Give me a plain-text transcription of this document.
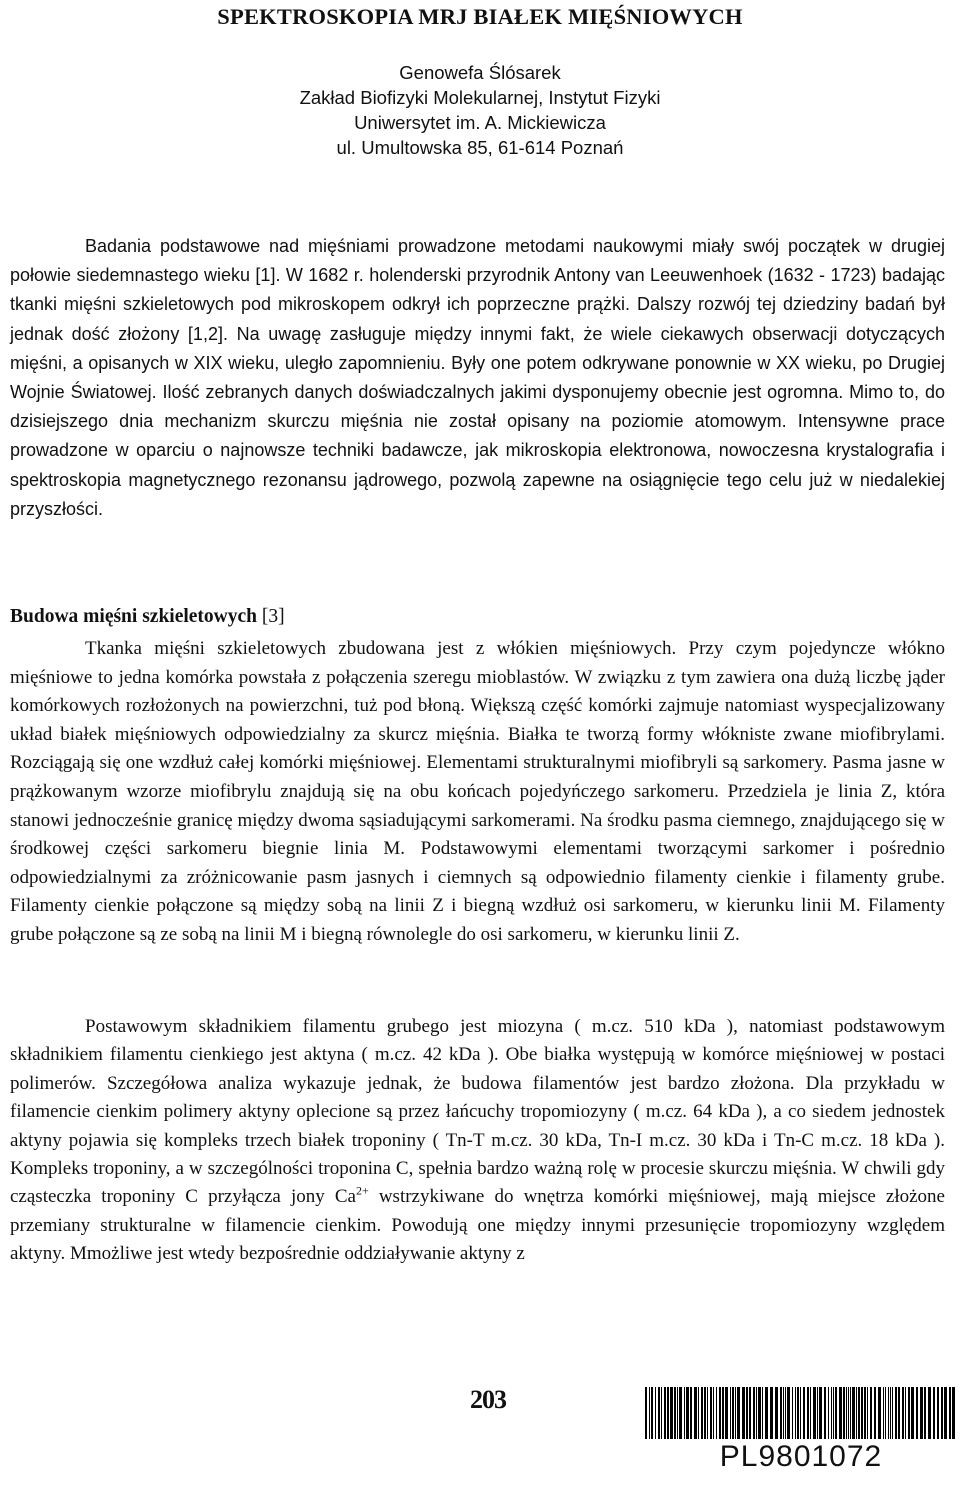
SPEKTROSKOPIA MRJ BIAŁEK MIĘŚNIOWYCH
Genowefa Ślósarek
Zakład Biofizyki Molekularnej, Instytut Fizyki
Uniwersytet im. A. Mickiewicza
ul. Umultowska 85, 61-614 Poznań

Badania podstawowe nad mięśniami prowadzone metodami naukowymi miały swój początek w drugiej połowie siedemnastego wieku [1]. W 1682 r. holenderski przyrodnik Antony van Leeuwenhoek (1632 - 1723) badając tkanki mięśni szkieletowych pod mikroskopem odkrył ich poprzeczne prążki. Dalszy rozwój tej dziedziny badań był jednak dość złożony [1,2]. Na uwagę zasługuje między innymi fakt, że wiele ciekawych obserwacji dotyczących mięśni, a opisanych w XIX wieku, uległo zapomnieniu. Były one potem odkrywane ponownie w XX wieku, po Drugiej Wojnie Światowej. Ilość zebranych danych doświadczalnych jakimi dysponujemy obecnie jest ogromna. Mimo to, do dzisiejszego dnia mechanizm skurczu mięśnia nie został opisany na poziomie atomowym. Intensywne prace prowadzone w oparciu o najnowsze techniki badawcze, jak mikroskopia elektronowa, nowoczesna krystalografia i spektroskopia magnetycznego rezonansu jądrowego, pozwolą zapewne na osiągnięcie tego celu już w niedalekiej przyszłości.

Budowa mięśni szkieletowych [3]

Tkanka mięśni szkieletowych zbudowana jest z włókien mięśniowych. Przy czym pojedyncze włókno mięśniowe to jedna komórka powstała z połączenia szeregu mioblastów. W związku z tym zawiera ona dużą liczbę jąder komórkowych rozłożonych na powierzchni, tuż pod błoną. Większą część komórki zajmuje natomiast wyspecjalizowany układ białek mięśniowych odpowiedzialny za skurcz mięśnia. Białka te tworzą formy włókniste zwane miofibrylami. Rozciągają się one wzdłuż całej komórki mięśniowej. Elementami strukturalnymi miofibryli są sarkomery. Pasma jasne w prążkowanym wzorze miofibrylu znajdują się na obu końcach pojedyńczego sarkomeru. Przedziela je linia Z, która stanowi jednocześnie granicę między dwoma sąsiadującymi sarkomerami. Na środku pasma ciemnego, znajdującego się w środkowej części sarkomeru biegnie linia M. Podstawowymi elementami tworzącymi sarkomer i pośrednio odpowiedzialnymi za zróżnicowanie pasm jasnych i ciemnych są odpowiednio filamenty cienkie i filamenty grube. Filamenty cienkie połączone są między sobą na linii Z i biegną wzdłuż osi sarkomeru, w kierunku linii M. Filamenty grube połączone są ze sobą na linii M i biegną równolegle do osi sarkomeru, w kierunku linii Z.

Postawowym składnikiem filamentu grubego jest miozyna ( m.cz. 510 kDa ), natomiast podstawowym składnikiem filamentu cienkiego jest aktyna ( m.cz. 42 kDa ). Obe białka występują w komórce mięśniowej w postaci polimerów. Szczegółowa analiza wykazuje jednak, że budowa filamentów jest bardzo złożona. Dla przykładu w filamencie cienkim polimery aktyny oplecione są przez łańcuchy tropomiozyny ( m.cz. 64 kDa ), a co siedem jednostek aktyny pojawia się kompleks trzech białek troponiny ( Tn-T m.cz. 30 kDa, Tn-I m.cz. 30 kDa i Tn-C m.cz. 18 kDa ). Kompleks troponiny, a w szczególności troponina C, spełnia bardzo ważną rolę w procesie skurczu mięśnia. W chwili gdy cząsteczka troponiny C przyłącza jony $Ca^{2+}$ wstrzykiwane do wnętrza komórki mięśniowej, mają miejsce złożone przemiany strukturalne w filamencie cienkim. Powodują one między innymi przesunięcie tropomiozyny względem aktyny. Mmożliwe jest wtedy bezpośrednie oddziaływanie aktyny z

203
PL9801072
